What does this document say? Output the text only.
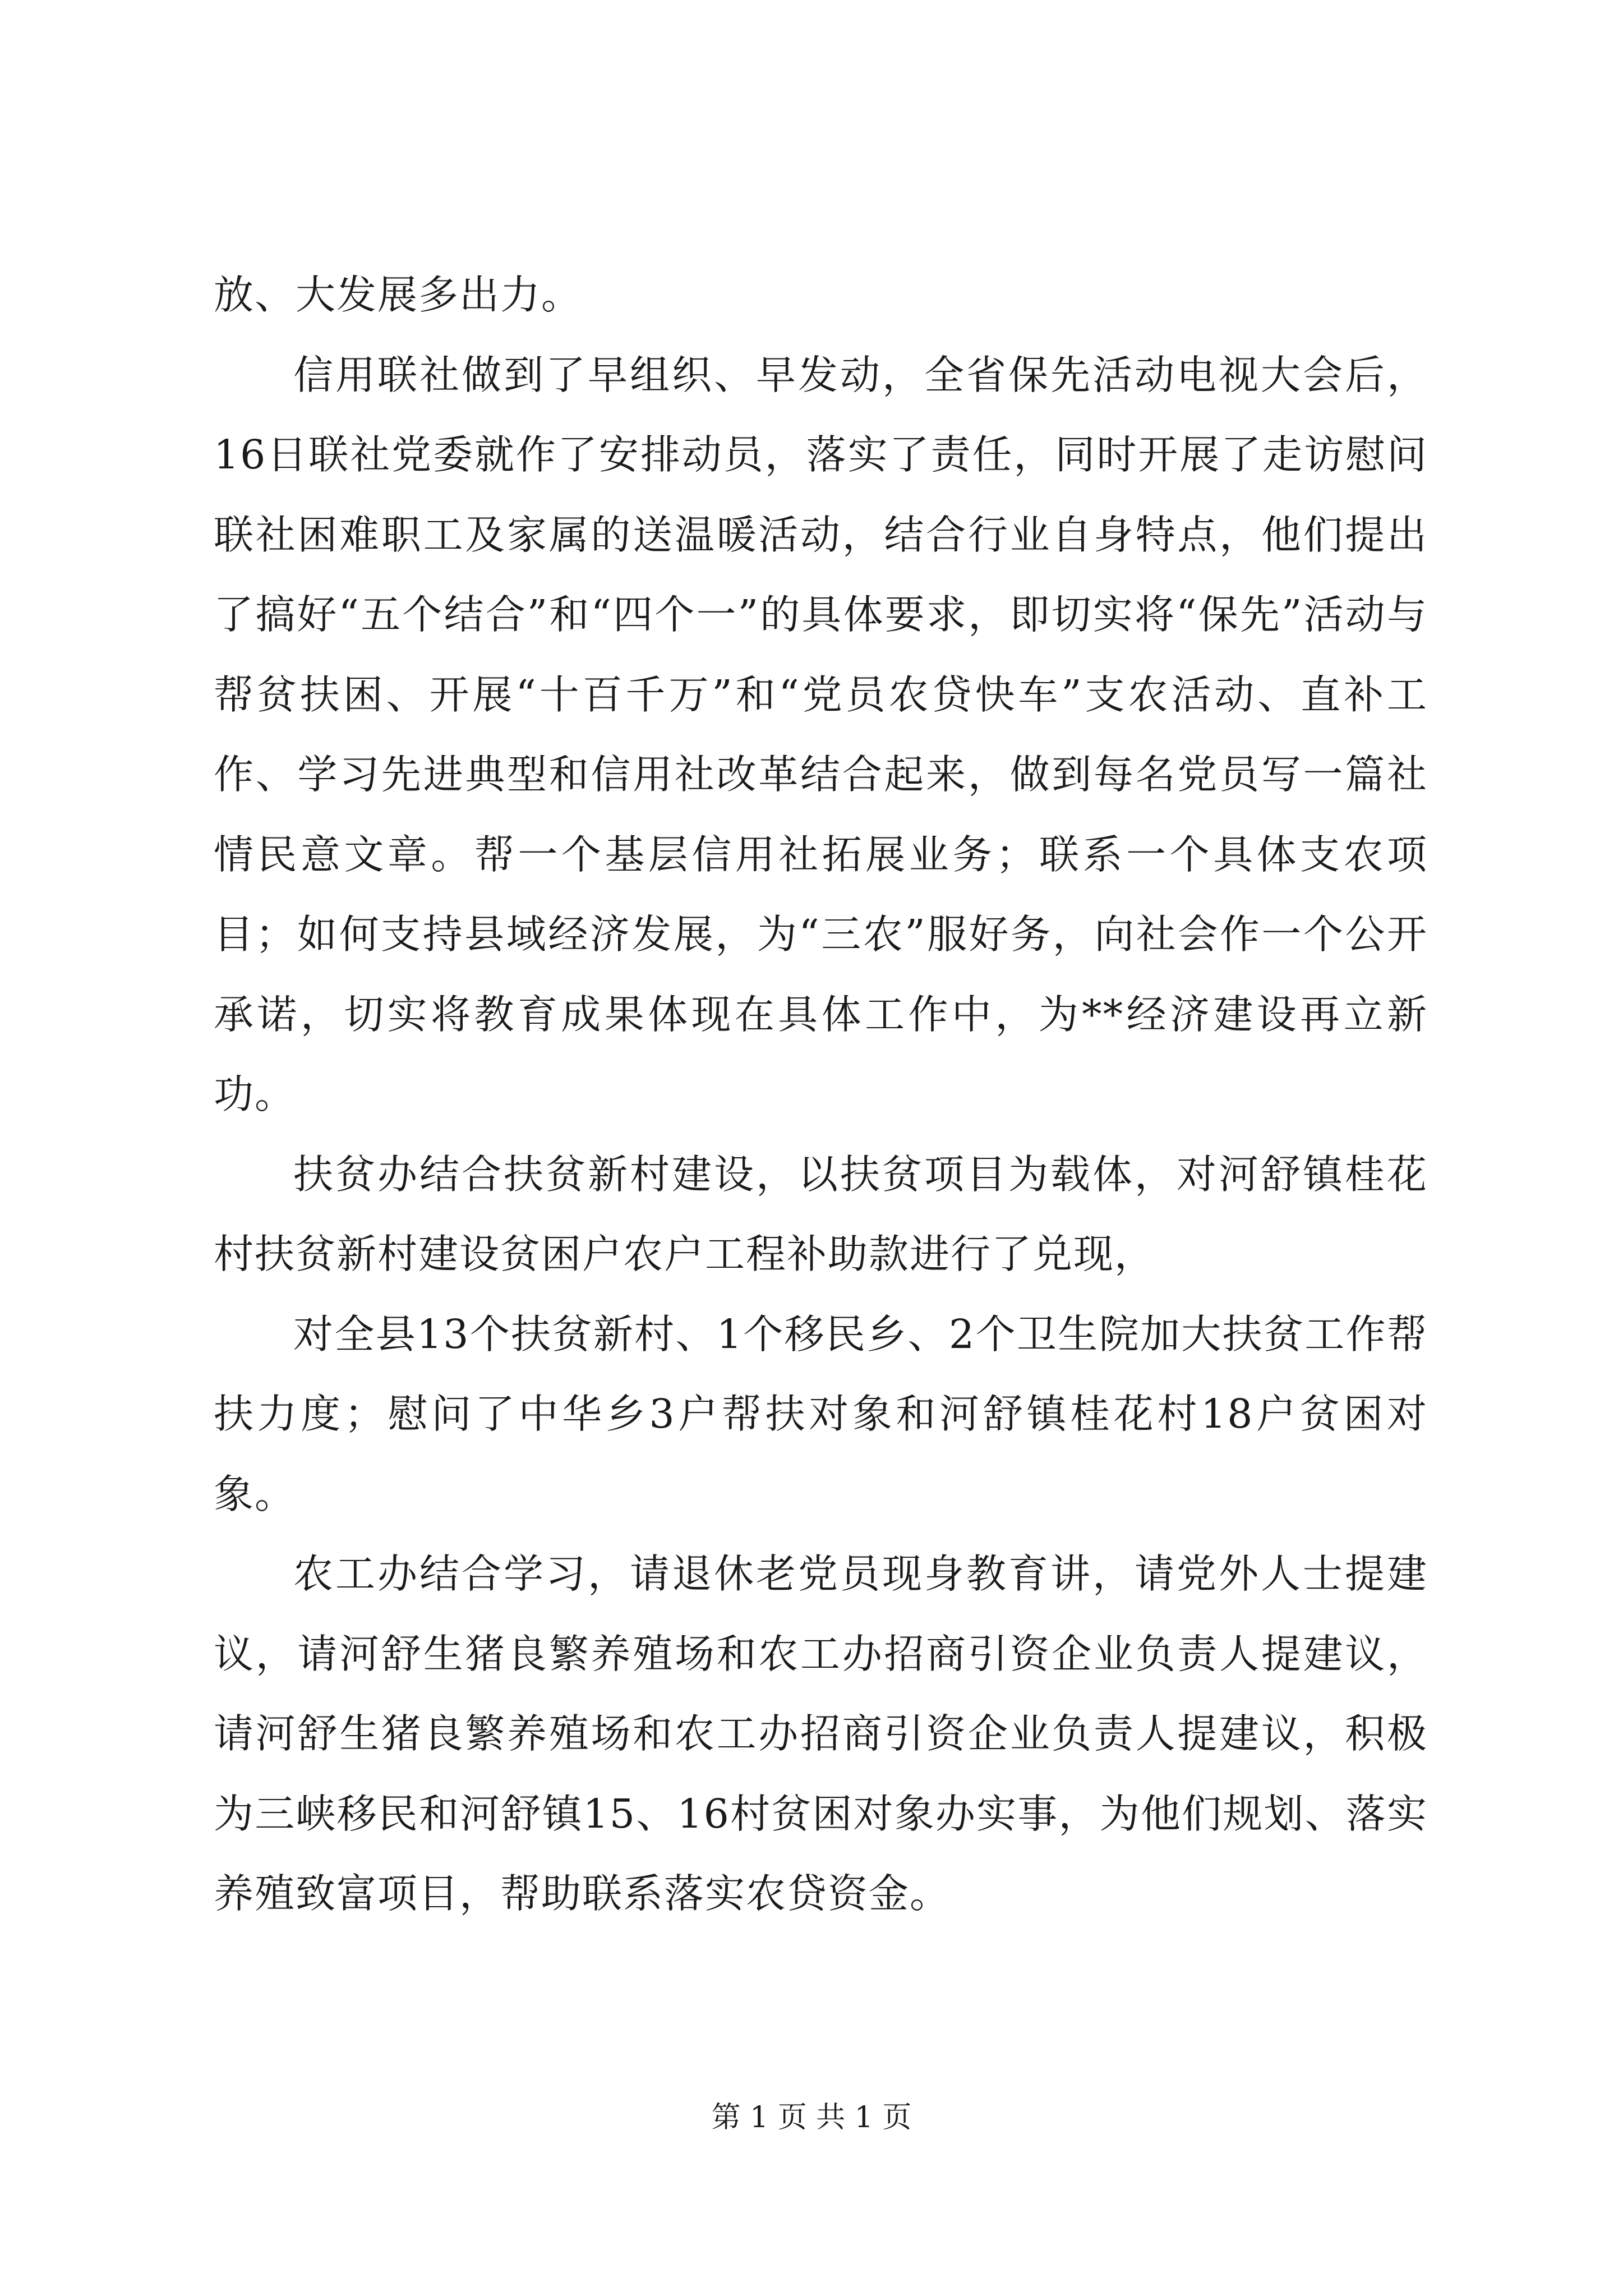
放、大发展多出力。

信用联社做到了早组织、早发动，全省保先活动电视大会后，16日联社党委就作了安排动员，落实了责任，同时开展了走访慰问联社困难职工及家属的送温暖活动，结合行业自身特点，他们提出了搞好“五个结合”和“四个一”的具体要求，即切实将“保先”活动与帮贫扶困、开展“十百千万”和“党员农贷快车”支农活动、直补工作、学习先进典型和信用社改革结合起来，做到每名党员写一篇社情民意文章。帮一个基层信用社拓展业务；联系一个具体支农项目；如何支持县域经济发展，为“三农”服好务，向社会作一个公开承诺，切实将教育成果体现在具体工作中，为**经济建设再立新功。

扶贫办结合扶贫新村建设，以扶贫项目为载体，对河舒镇桂花村扶贫新村建设贫困户农户工程补助款进行了兑现，

对全县13个扶贫新村、1个移民乡、2个卫生院加大扶贫工作帮扶力度；慰问了中华乡3户帮扶对象和河舒镇桂花村18户贫困对象。

农工办结合学习，请退休老党员现身教育讲，请党外人士提建议，请河舒生猪良繁养殖场和农工办招商引资企业负责人提建议，请河舒生猪良繁养殖场和农工办招商引资企业负责人提建议，积极为三峡移民和河舒镇15、16村贫困对象办实事，为他们规划、落实养殖致富项目，帮助联系落实农贷资金。

第 1 页 共 1 页
